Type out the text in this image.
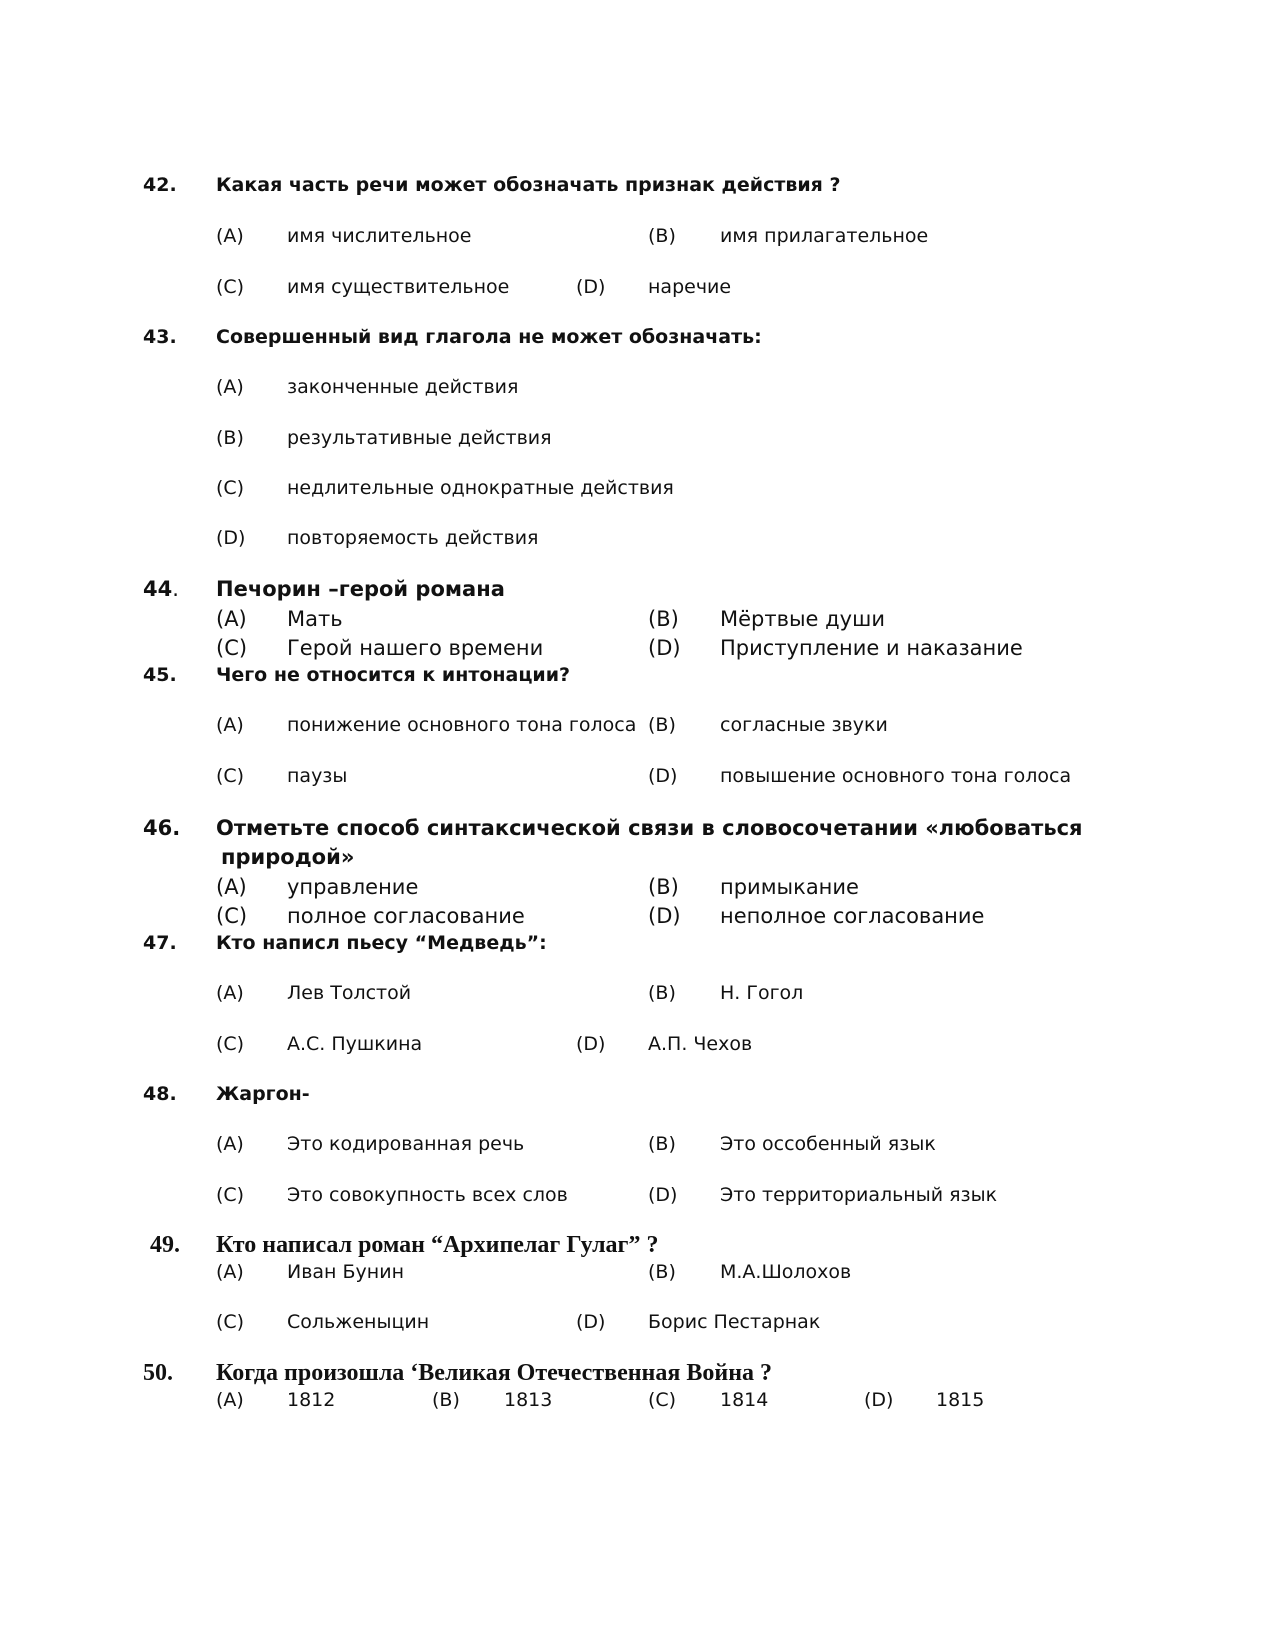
42. Какая часть речи может обозначать признак действия ?
(A) имя числительное	(B) имя прилагательное
(C) имя существительное	(D) наречие
43. Совершенный вид глагола не может обозначать:
(A) законченные действия
(B) результативные действия
(C) недлительные однократные действия
(D) повторяемость действия
44. Печорин –герой романа
(A) Мать	(B) Мёртвые души
(C) Герой нашего времени	(D) Приступление и наказание
45. Чего не относится к интонации?
(A) понижение основного тона голоса (B) согласные звуки
(C) паузы	(D) повышение основного тона голоса
46. Отметьте способ синтаксической связи в словосочетании «любоваться
природой»
(A) управление	(B) примыкание
(C) полное согласование	(D) неполное согласование
47. Кто написл пьесу “Медведь”:
(A) Лев Толстой	(B) Н. Гогол
(C) А.С. Пушкина	(D) А.П. Чехов
48. Жаргон-
(A) Это кодированная речь	(B) Это оссобенный язык
(C) Это совокупность всех слов	(D) Это территориальный язык
49. Кто написал роман “Архипелаг Гулаг” ?
(A) Иван Бунин	(B) М.А.Шолохов
(C) Сольженыцин	(D) Борис Пестарнак
50. Когда произошла ‘Великая Отечественная Война ?
(A) 1812	(B) 1813	(C) 1814	(D) 1815
